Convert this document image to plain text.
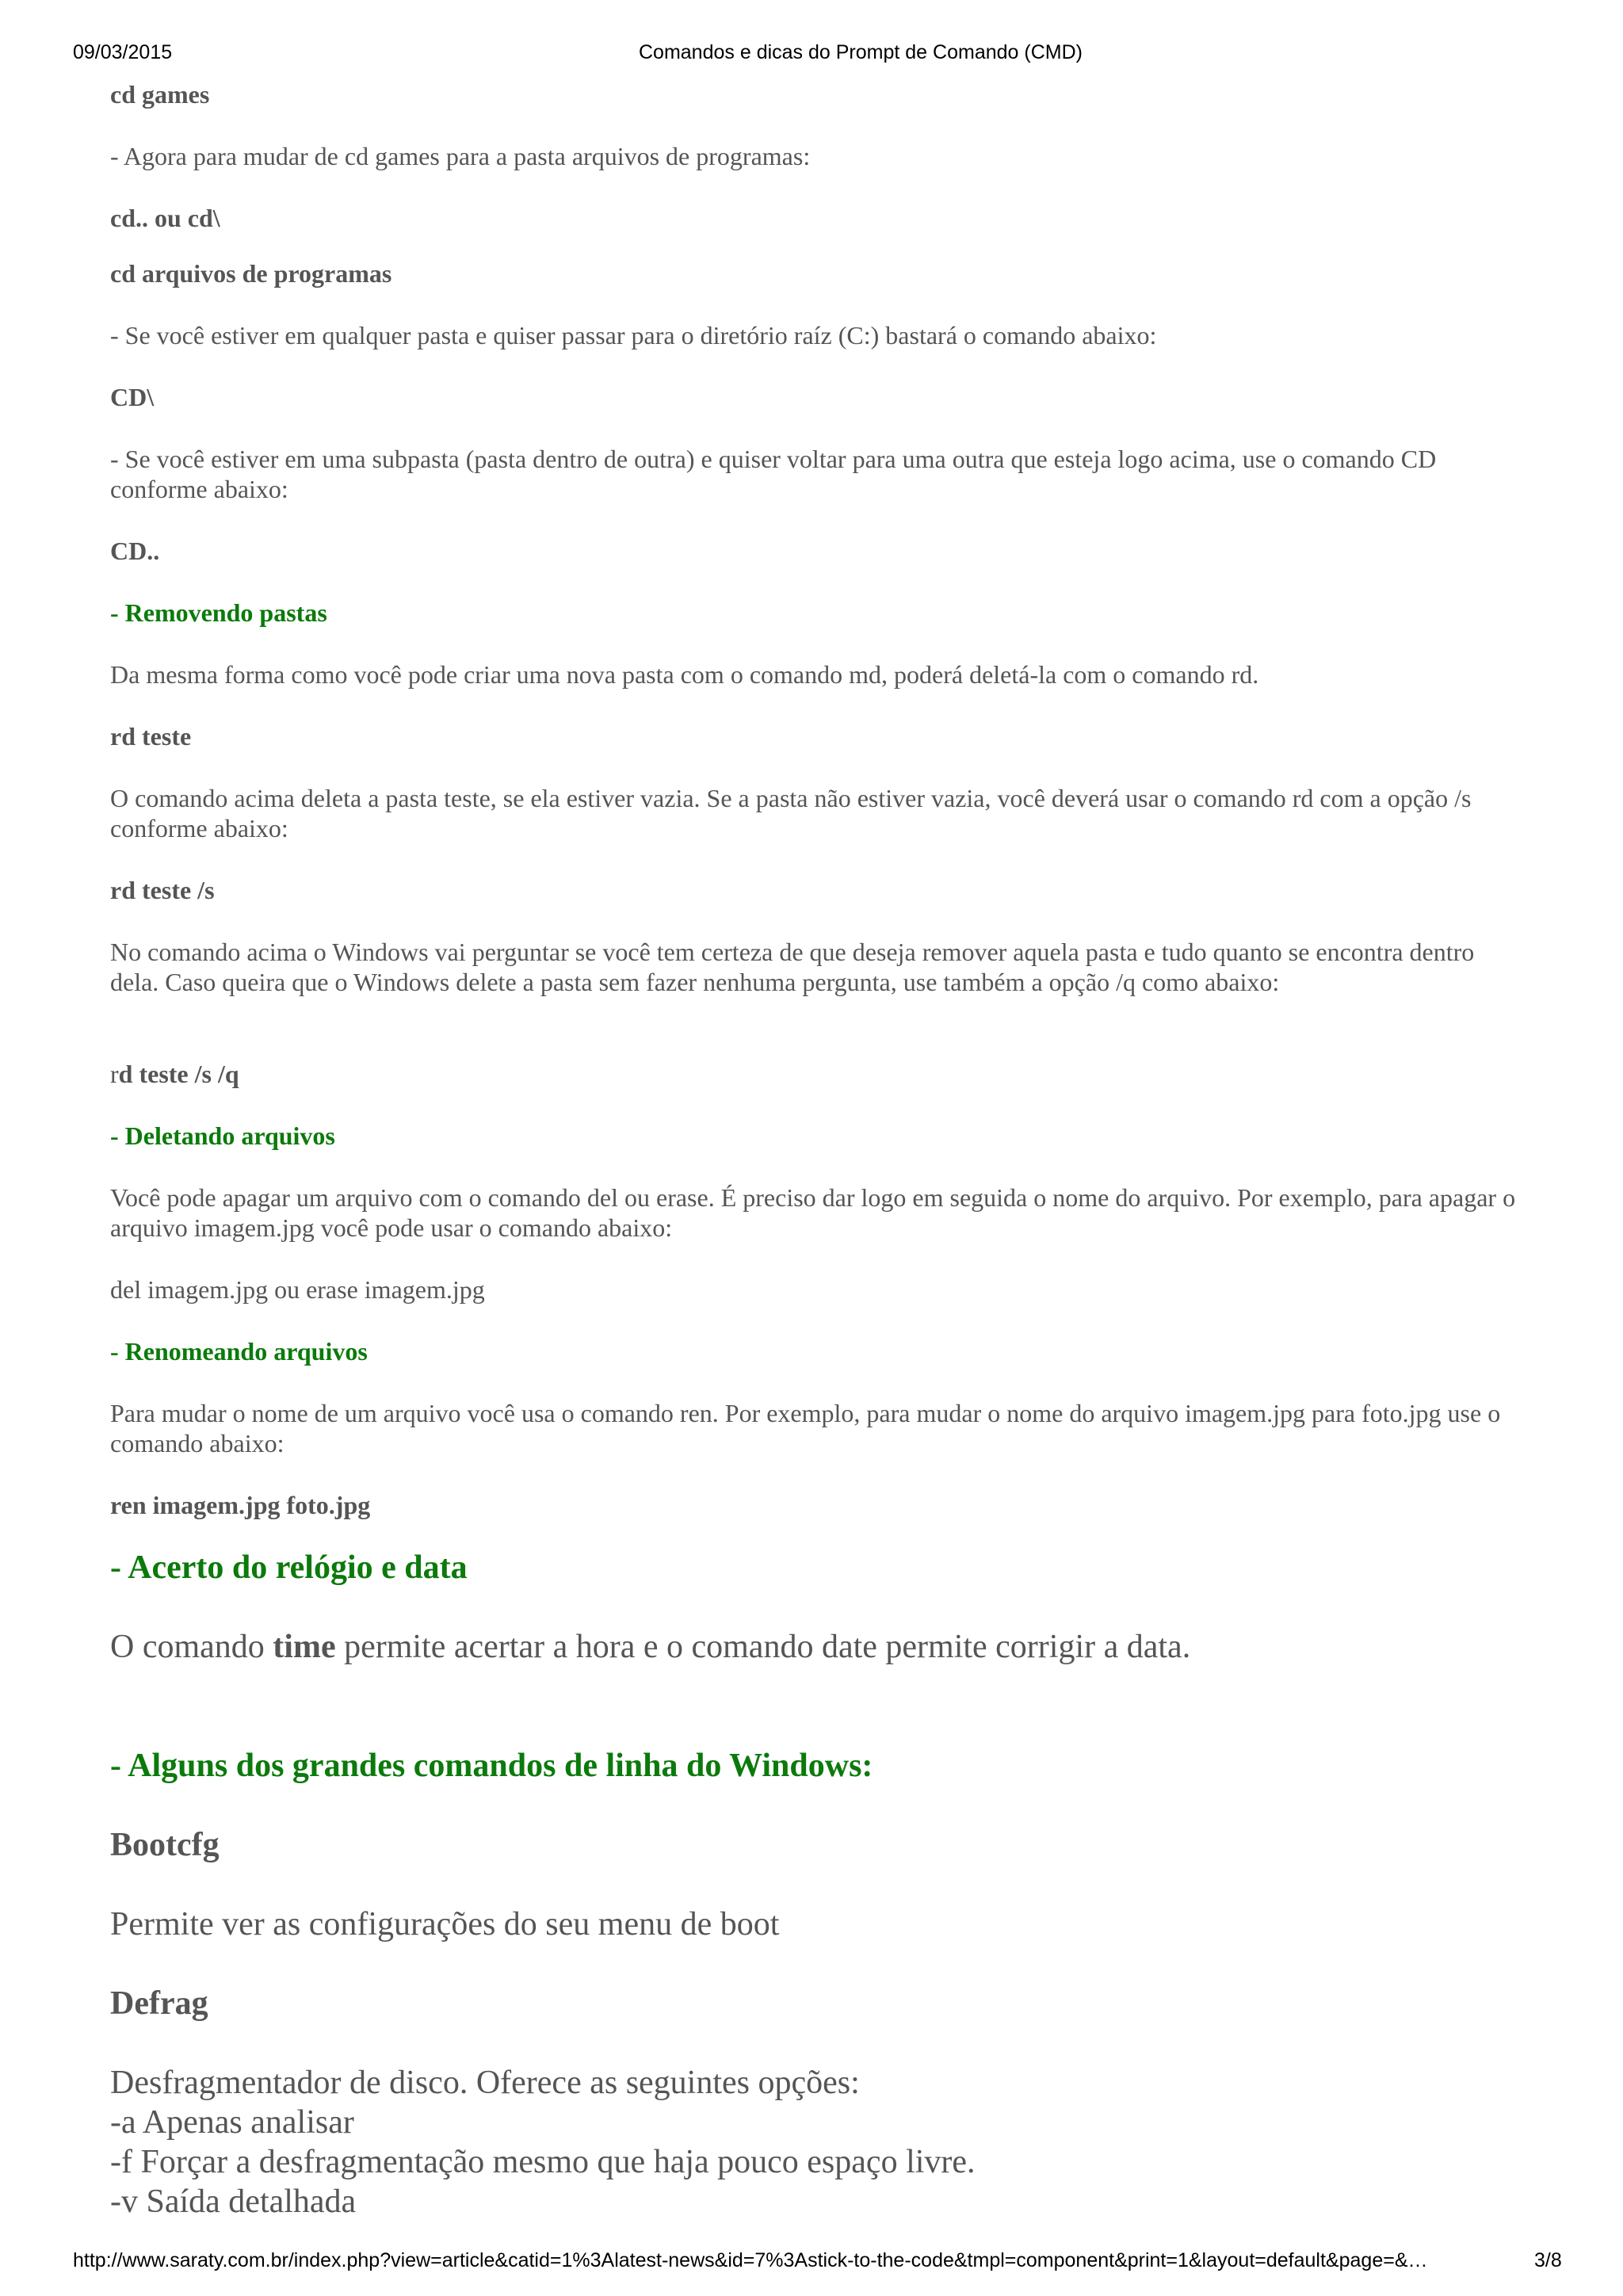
09/03/2015	Comandos e dicas do Prompt de Comando (CMD)
cd games
- Agora para mudar de cd games para a pasta arquivos de programas:
cd.. ou cd\
cd arquivos de programas
- Se você estiver em qualquer pasta e quiser passar para o diretório raíz (C:) bastará o comando abaixo:
CD\
- Se você estiver em uma subpasta (pasta dentro de outra) e quiser voltar para uma outra que esteja logo acima, use o comando CD conforme abaixo:
CD..
- Removendo pastas
Da mesma forma como você pode criar uma nova pasta com o comando md, poderá deletá-la com o comando rd.
rd teste
O comando acima deleta a pasta teste, se ela estiver vazia. Se a pasta não estiver vazia, você deverá usar o comando rd com a opção /s conforme abaixo:
rd teste /s
No comando acima o Windows vai perguntar se você tem certeza de que deseja remover aquela pasta e tudo quanto se encontra dentro dela. Caso queira que o Windows delete a pasta sem fazer nenhuma pergunta, use também a opção /q como abaixo:
rd teste /s /q
- Deletando arquivos
Você pode apagar um arquivo com o comando del ou erase. É preciso dar logo em seguida o nome do arquivo. Por exemplo, para apagar o arquivo imagem.jpg você pode usar o comando abaixo:
del imagem.jpg ou erase imagem.jpg
- Renomeando arquivos
Para mudar o nome de um arquivo você usa o comando ren. Por exemplo, para mudar o nome do arquivo imagem.jpg para foto.jpg use o comando abaixo:
ren imagem.jpg foto.jpg
- Acerto do relógio e data
O comando time permite acertar a hora e o comando date permite corrigir a data.
- Alguns dos grandes comandos de linha do Windows:
Bootcfg
Permite ver as configurações do seu menu de boot
Defrag
Desfragmentador de disco. Oferece as seguintes opções:
-a Apenas analisar
-f Forçar a desfragmentação mesmo que haja pouco espaço livre.
-v Saída detalhada
http://www.saraty.com.br/index.php?view=article&catid=1%3Alatest-news&id=7%3Astick-to-the-code&tmpl=component&print=1&layout=default&page=&…	3/8
